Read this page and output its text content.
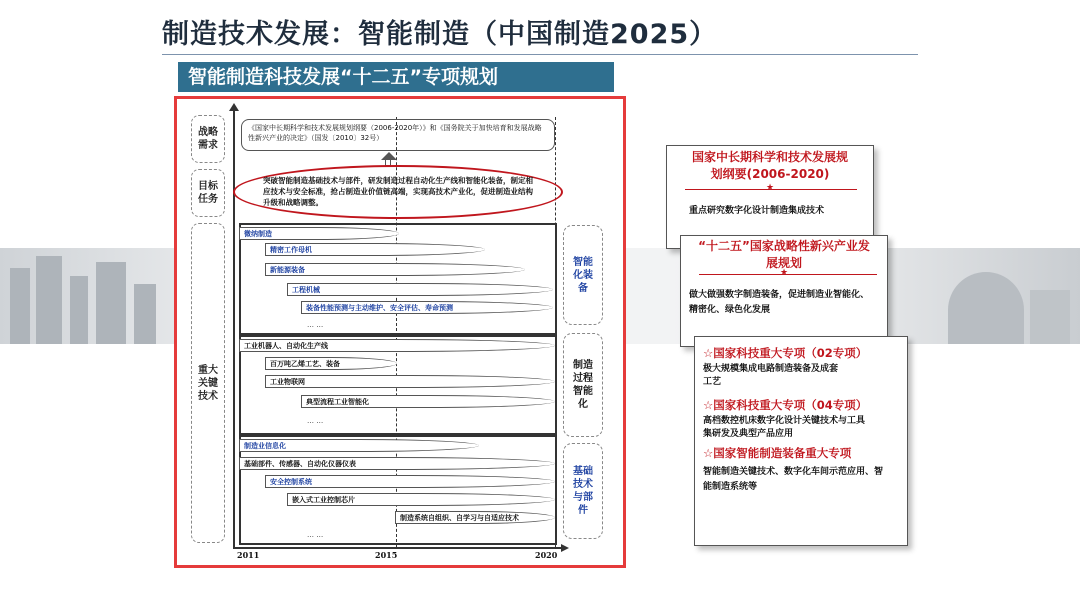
制造技术发展：智能制造（中国制造2025）
智能制造科技发展“十二五”专项规划
战略需求
目标任务
重大关键技术
《国家中长期科学和技术发展规划纲要（2006-2020年）》和《国务院关于加快培育和发展战略性新兴产业的决定》（国发〔2010〕32号）
突破智能制造基础技术与部件，研发制造过程自动化生产线和智能化装备，制定相应技术与安全标准，抢占制造业价值链高端，实现高技术产业化，促进制造业结构升级和战略调整。
微纳制造
精密工作母机
新能源装备
工程机械
装备性能预测与主动维护、安全评估、寿命预测
… …
工业机器人、自动化生产线
百万吨乙烯工艺、装备
工业物联网
典型流程工业智能化
… …
制造业信息化
基础部件、传感器、自动化仪器仪表
安全控制系统
嵌入式工业控制芯片
制造系统自组织、自学习与自适应技术
… …
智能化装备
制造过程智能化
基础技术与部件
2011	2015	2020
国家中长期科学和技术发展规划纲要(2006-2020)
★
重点研究数字化设计制造集成技术
“十二五”国家战略性新兴产业发展规划
★
做大做强数字制造装备，促进制造业智能化、精密化、绿色化发展
☆国家科技重大专项（02专项）
极大规模集成电路制造装备及成套工艺
☆国家科技重大专项（04专项）
高档数控机床数字化设计关键技术与工具集研发及典型产品应用
☆国家智能制造装备重大专项
智能制造关键技术、数字化车间示范应用、智能制造系统等
